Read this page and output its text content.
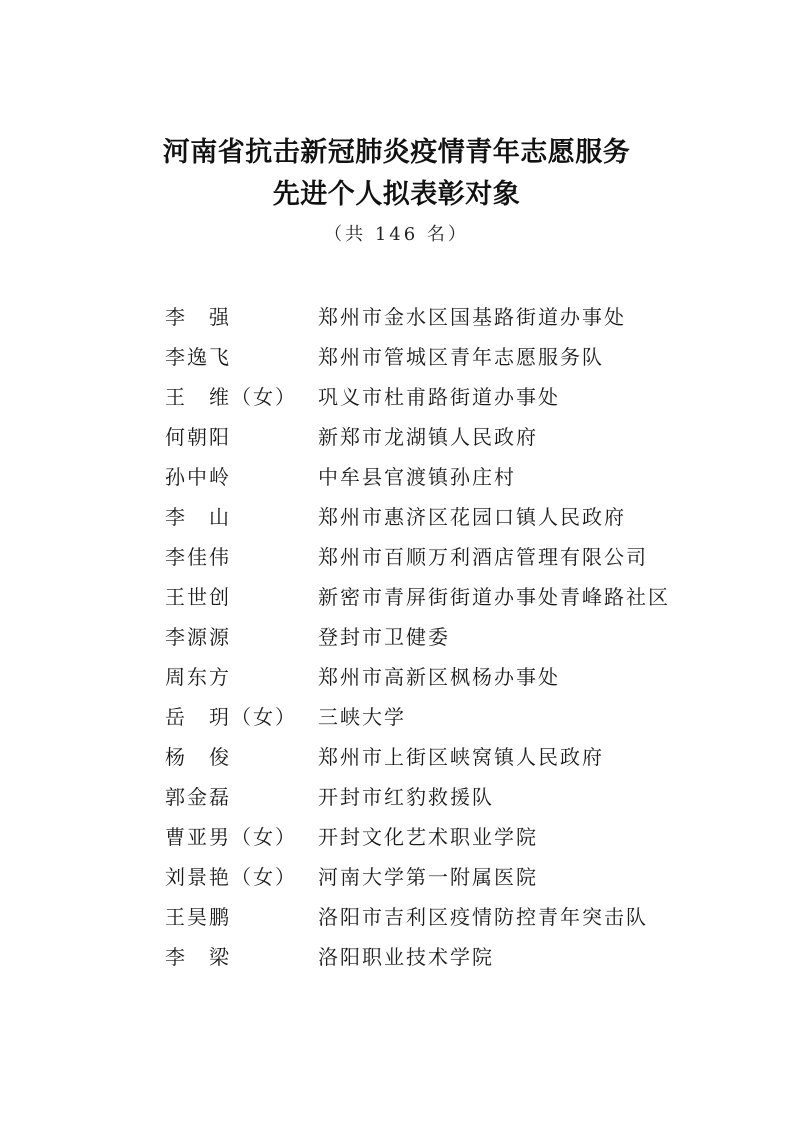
河南省抗击新冠肺炎疫情青年志愿服务
先进个人拟表彰对象
（共 146 名）
李　强	郑州市金水区国基路街道办事处
李逸飞	郑州市管城区青年志愿服务队
王　维（女） 巩义市杜甫路街道办事处
何朝阳	新郑市龙湖镇人民政府
孙中岭	中牟县官渡镇孙庄村
李　山	郑州市惠济区花园口镇人民政府
李佳伟	郑州市百顺万利酒店管理有限公司
王世创	新密市青屏街街道办事处青峰路社区
李源源	登封市卫健委
周东方	郑州市高新区枫杨办事处
岳　玥（女） 三峡大学
杨　俊	郑州市上街区峡窝镇人民政府
郭金磊	开封市红豹救援队
曹亚男（女） 开封文化艺术职业学院
刘景艳（女） 河南大学第一附属医院
王昊鹏	洛阳市吉利区疫情防控青年突击队
李　梁	洛阳职业技术学院
